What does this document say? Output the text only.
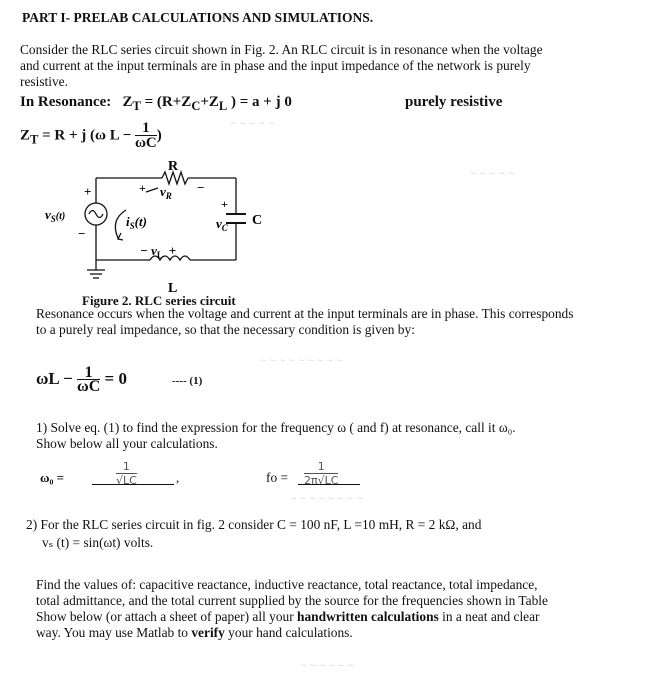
~ ~ ~ ~ ~
~ ~ ~ ~ ~
~ ~ ~ ~ ~ ~ ~ ~ ~
~ ~ ~ ~ ~ ~ ~ ~
~ ~ ~ ~ ~ ~
PART I- PRELAB CALCULATIONS AND SIMULATIONS.
Consider the RLC series circuit shown in Fig. 2. An RLC circuit is in resonance when the voltage
and current at the input terminals are in phase and the input impedance of the network is purely
resistive.
In Resonance: $Z_T = (R+Z_C+Z_L$ ) = a + j 0	purely resistive
$Z_T = R + j$ (ω $L - \frac{1}{\omega C}$ )
R
C
L
$v_S^{(t)}$
+
−
$i_S(t)$
+ $v_R$
−
+
$v_C$
− $v_L$ +
Figure 2. RLC series circuit
Resonance occurs when the voltage and current at the input terminals are in phase. This corresponds
to a purely real impedance, so that the necessary condition is given by:
$\omega L - \frac{1}{\omega C} = 0$	---- (1)
1) Solve eq. (1) to find the expression for the frequency ω ( and f) at resonance, call it ω₀.
Show below all your calculations.
ω₀ =	$\frac{1}{√LC}$	,	fo = $\frac{1}{2\pi√LC}$
2) For the RLC series circuit in fig. 2 consider C = 100 nF, L =10 mH, R = 2 kΩ, and
vₛ (t) = sin(ωt) volts.
Find the values of: capacitive reactance, inductive reactance, total reactance, total impedance,
total admittance, and the total current supplied by the source for the frequencies shown in Table
Show below (or attach a sheet of paper) all your handwritten calculations in a neat and clear
way. You may use Matlab to verify your hand calculations.
